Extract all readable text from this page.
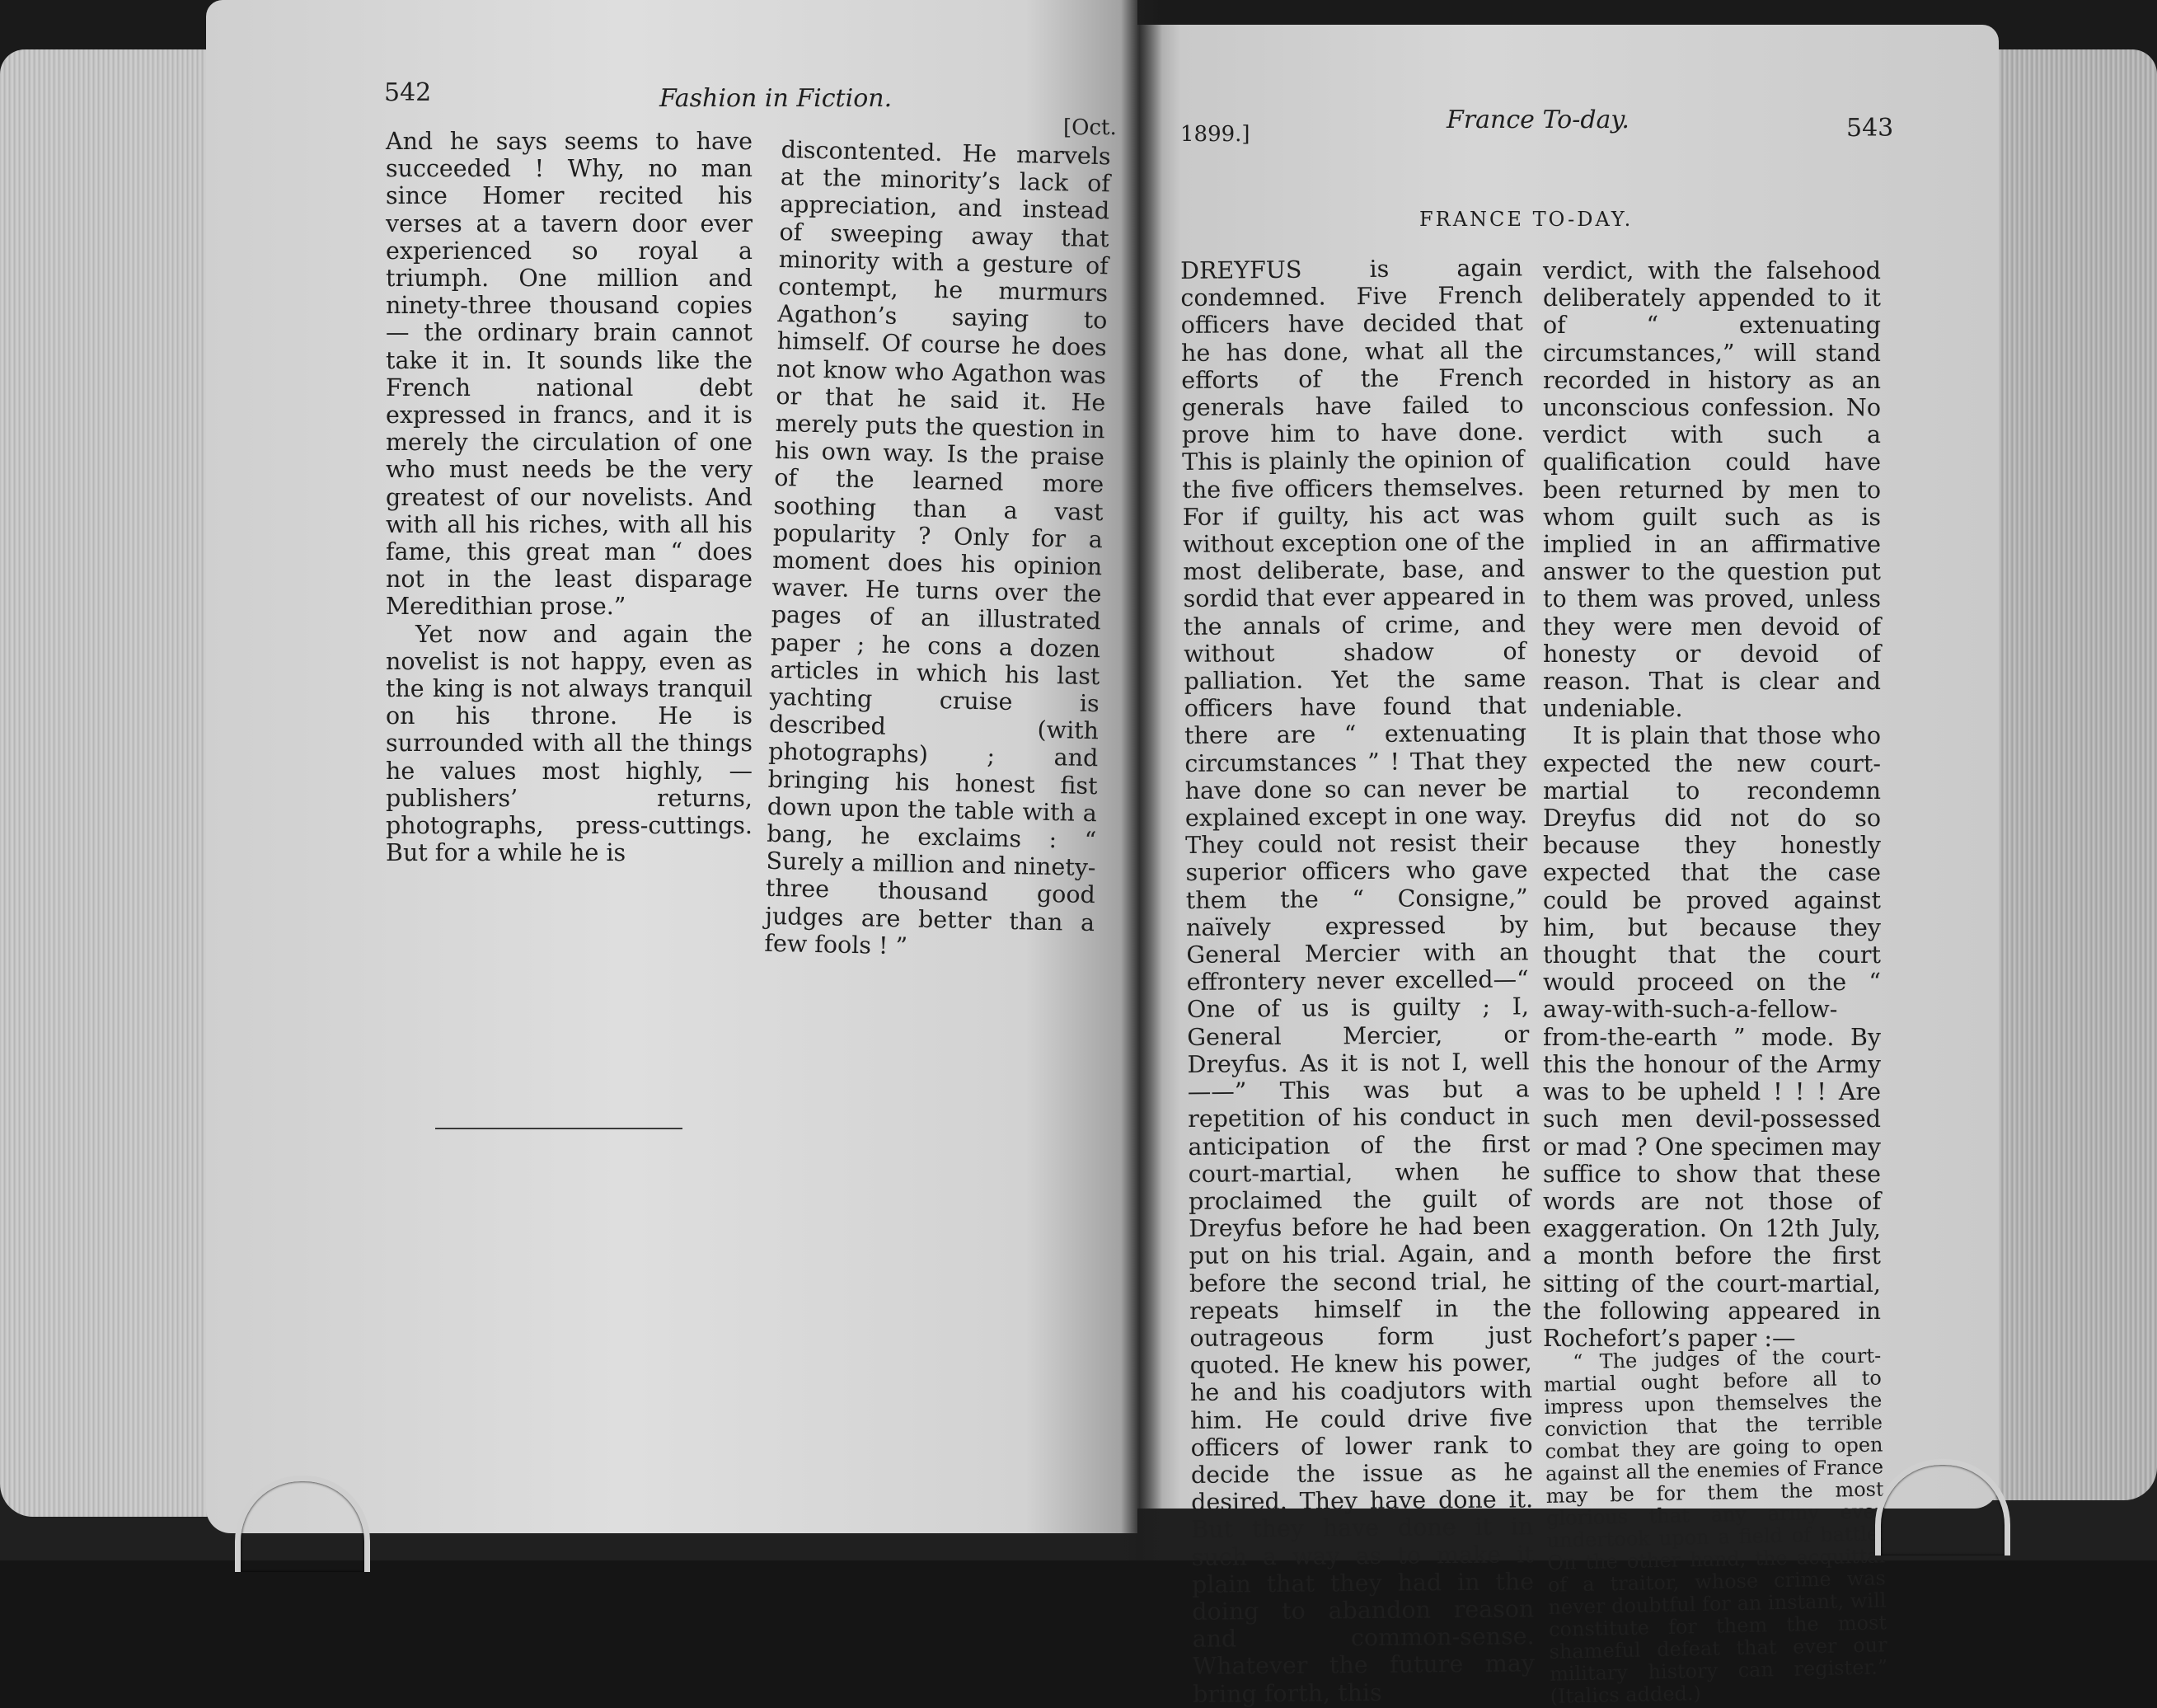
542	Fashion in Fiction.
[Oct.

And he says seems to have succeeded ! Why, no man since Homer recited his verses at a tavern door ever experienced so royal a triumph. One million and ninety-three thousand copies — the ordinary brain cannot take it in. It sounds like the French national debt expressed in francs, and it is merely the circulation of one who must needs be the very greatest of our novelists. And with all his riches, with all his fame, this great man “ does not in the least disparage Meredithian prose.”

Yet now and again the novelist is not happy, even as the king is not always tranquil on his throne. He is surrounded with all the things he values most highly, — publishers’ returns, photographs, press-cuttings. But for a while he is

discontented. He marvels at the minority’s lack of appreciation, and instead of sweeping away that minority with a gesture of contempt, he murmurs Agathon’s saying to himself. Of course he does not know who Agathon was or that he said it. He merely puts the question in his own way. Is the praise of the learned more soothing than a vast popularity ? Only for a moment does his opinion waver. He turns over the pages of an illustrated paper ; he cons a dozen articles in which his last yachting cruise is described (with photographs) ; and bringing his honest fist down upon the table with a bang, he exclaims : “ Surely a million and ninety-three thousand good judges are better than a few fools ! ”

1899.]	France To-day.	543
FRANCE TO-DAY.

DREYFUS is again condemned. Five French officers have decided that he has done, what all the efforts of the French generals have failed to prove him to have done. This is plainly the opinion of the five officers themselves. For if guilty, his act was without exception one of the most deliberate, base, and sordid that ever appeared in the annals of crime, and without shadow of palliation. Yet the same officers have found that there are “ extenuating circumstances ” ! That they have done so can never be explained except in one way. They could not resist their superior officers who gave them the “ Consigne,” naïvely expressed by General Mercier with an effrontery never excelled—“ One of us is guilty ; I, General Mercier, or Dreyfus. As it is not I, well——” This was but a repetition of his conduct in anticipation of the first court-martial, when he proclaimed the guilt of Dreyfus before he had been put on his trial. Again, and before the second trial, he repeats himself in the outrageous form just quoted. He knew his power, he and his coadjutors with him. He could drive five officers of lower rank to decide the issue as he desired. They have done it. But they have done it in such a way as to make it plain that they had in the doing to abandon reason and common-sense. Whatever the future may bring forth, this

verdict, with the falsehood deliberately appended to it of “ extenuating circumstances,” will stand recorded in history as an unconscious confession. No verdict with such a qualification could have been returned by men to whom guilt such as is implied in an affirmative answer to the question put to them was proved, unless they were men devoid of honesty or devoid of reason. That is clear and undeniable.

It is plain that those who expected the new court-martial to recondemn Dreyfus did not do so because they honestly expected that the case could be proved against him, but because they thought that the court would proceed on the “ away-with-such-a-fellow-from-the-earth ” mode. By this the honour of the Army was to be upheld ! ! ! Are such men devil-possessed or mad ? One specimen may suffice to show that these words are not those of exaggeration. On 12th July, a month before the first sitting of the court-martial, the following appeared in Rochefort’s paper :—

“ The judges of the court-martial ought before all to impress upon themselves the conviction that the terrible combat they are going to open against all the enemies of France may be for them the most glorious that any army ever undertook upon a field of battle. On the other hand, the acquittal of a traitor, whose crime was never doubtful for an instant, will constitute for them the most shameful defeat that ever our military history can register.” (Italics added.)
